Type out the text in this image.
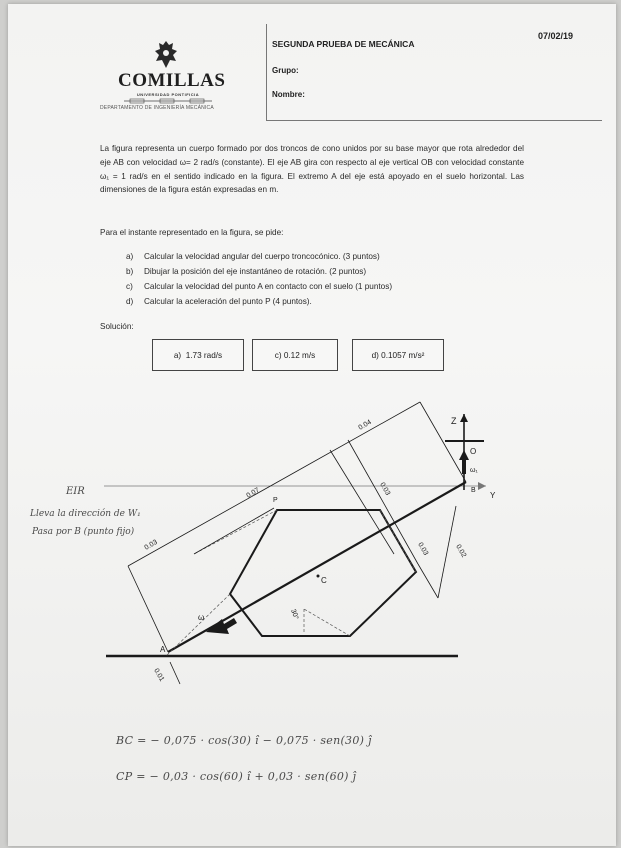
COMILLAS
UNIVERSIDAD PONTIFICIA
DEPARTAMENTO DE INGENIERÍA MECÁNICA
SEGUNDA PRUEBA DE MECÁNICA
07/02/19
Grupo:
Nombre:
La figura representa un cuerpo formado por dos troncos de cono unidos por su base mayor que rota alrededor del eje AB con velocidad ω= 2 rad/s (constante). El eje AB gira con respecto al eje vertical OB con velocidad constante ω₁ = 1 rad/s en el sentido indicado en la figura. El extremo A del eje está apoyado en el suelo horizontal. Las dimensiones de la figura están expresadas en m.
Para el instante representado en la figura, se pide:
a) Calcular la velocidad angular del cuerpo troncocónico. (3 puntos)
b) Dibujar la posición del eje instantáneo de rotación. (2 puntos)
c) Calcular la velocidad del punto A en contacto con el suelo (1 puntos)
d) Calcular la aceleración del punto P (4 puntos).
Solución:
a)
1.73 rad/s	c)
0.12 m/s	d)
0.1057 m/s²
Z
O
ω₁
B
Y
A
C
P
ω	30°
0.04
0.07
0.03
0.03
0.03	0.02
0.01
EIR
Lleva la dirección de W₁
Pasa por B (punto fijo)
BC = − 0,075 · cos(30) î − 0,075 · sen(30) ĵ
CP = − 0,03 · cos(60) î + 0,03 · sen(60) ĵ
